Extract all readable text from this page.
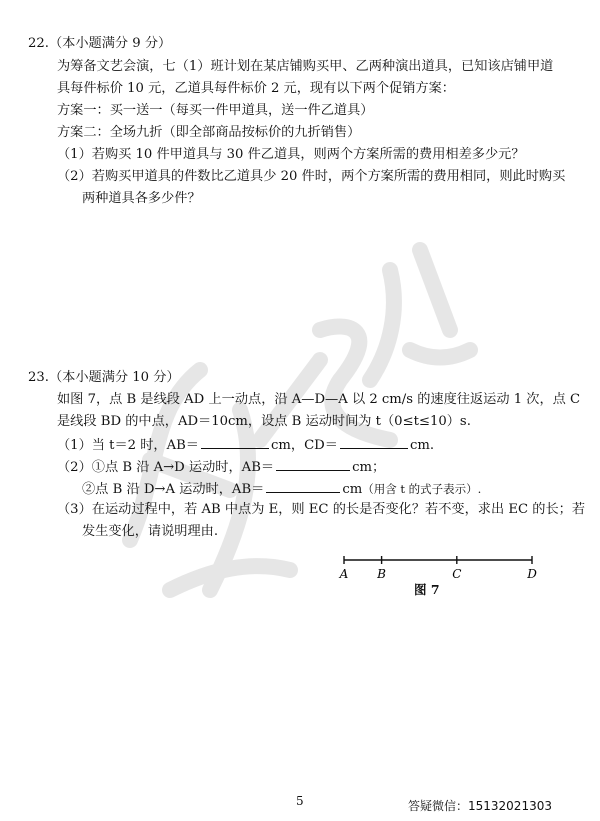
22.（本小题满分 9 分）
为筹备文艺会演，七（1）班计划在某店铺购买甲、乙两种演出道具，已知该店铺甲道
具每件标价 10 元，乙道具每件标价 2 元，现有以下两个促销方案：
方案一：买一送一（每买一件甲道具，送一件乙道具）
方案二：全场九折（即全部商品按标价的九折销售）
（1）若购买 10 件甲道具与 30 件乙道具，则两个方案所需的费用相差多少元？
（2）若购买甲道具的件数比乙道具少 20 件时，两个方案所需的费用相同，则此时购买
两种道具各多少件？
23.（本小题满分 10 分）
如图 7，点 B 是线段 AD 上一动点，沿 A—D—A 以 2 cm/s 的速度往返运动 1 次，点 C
是线段 BD 的中点，AD＝10cm，设点 B 运动时间为 t（0≤t≤10）s.
（1）当 t＝2 时，AB＝	cm，CD＝	cm.
（2）①点 B 沿 A→D 运动时，AB＝	cm；
②点 B 沿 D→A 运动时，AB＝	cm（用含 t 的式子表示）.
（3）在运动过程中，若 AB 中点为 E，则 EC 的长是否变化？若不变，求出 EC 的长；若
发生变化，请说明理由.
A B	C	D
图 7
5	答疑微信：15132021303
